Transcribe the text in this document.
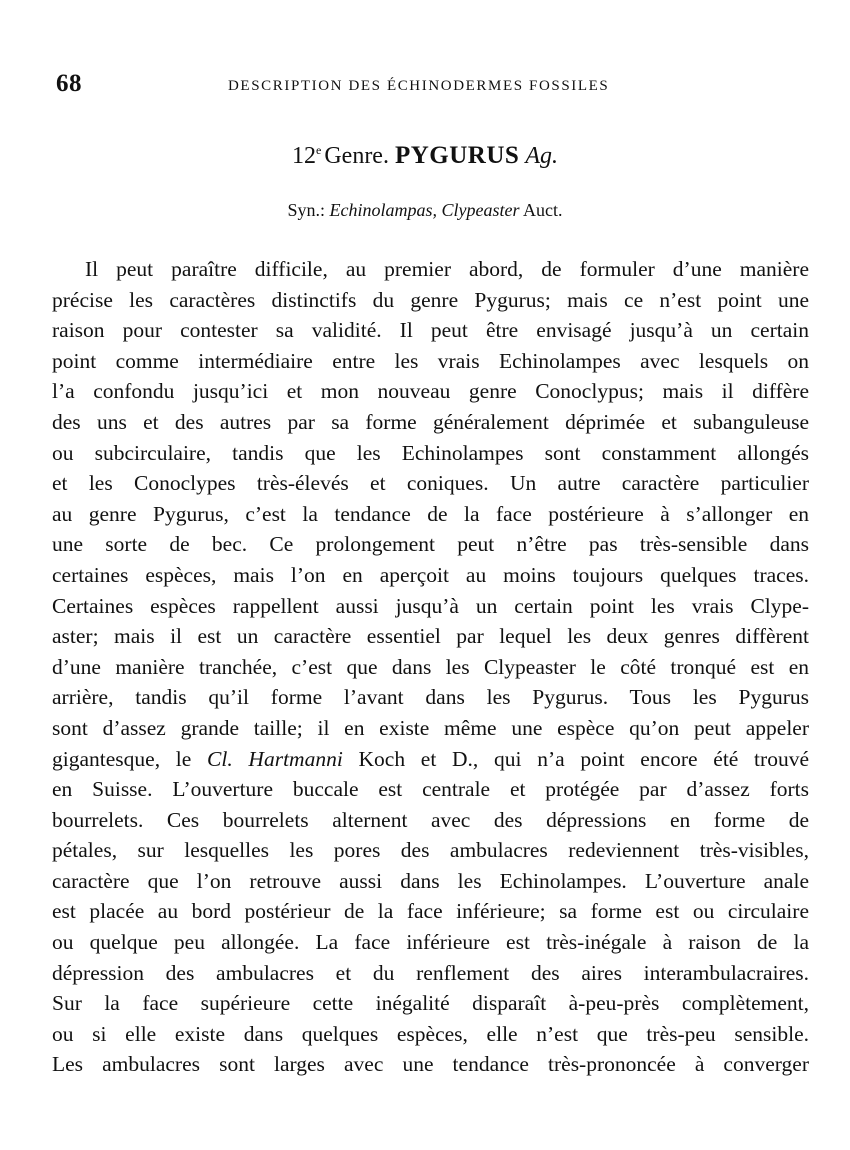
68	DESCRIPTION DES ÉCHINODERMES FOSSILES
12e Genre. PYGURUS Ag.
Syn.: Echinolampas, Clypeaster Auct.
Il peut paraître difficile, au premier abord, de formuler d’une manière
précise les caractères distinctifs du genre Pygurus; mais ce n’est point une
raison pour contester sa validité. Il peut être envisagé jusqu’à un certain
point comme intermédiaire entre les vrais Echinolampes avec lesquels on
l’a confondu jusqu’ici et mon nouveau genre Conoclypus; mais il diffère
des uns et des autres par sa forme généralement déprimée et subanguleuse
ou subcirculaire, tandis que les Echinolampes sont constamment allongés
et les Conoclypes très-élevés et coniques. Un autre caractère particulier
au genre Pygurus, c’est la tendance de la face postérieure à s’allonger en
une sorte de bec. Ce prolongement peut n’être pas très-sensible dans
certaines espèces, mais l’on en aperçoit au moins toujours quelques traces.
Certaines espèces rappellent aussi jusqu’à un certain point les vrais Clype-
aster; mais il est un caractère essentiel par lequel les deux genres diffèrent
d’une manière tranchée, c’est que dans les Clypeaster le côté tronqué est en
arrière, tandis qu’il forme l’avant dans les Pygurus. Tous les Pygurus
sont d’assez grande taille; il en existe même une espèce qu’on peut appeler
gigantesque, le Cl. Hartmanni Koch et D., qui n’a point encore été trouvé
en Suisse. L’ouverture buccale est centrale et protégée par d’assez forts
bourrelets. Ces bourrelets alternent avec des dépressions en forme de
pétales, sur lesquelles les pores des ambulacres redeviennent très-visibles,
caractère que l’on retrouve aussi dans les Echinolampes. L’ouverture anale
est placée au bord postérieur de la face inférieure; sa forme est ou circulaire
ou quelque peu allongée. La face inférieure est très-inégale à raison de la
dépression des ambulacres et du renflement des aires interambulacraires.
Sur la face supérieure cette inégalité disparaît à-peu-près complètement,
ou si elle existe dans quelques espèces, elle n’est que très-peu sensible.
Les ambulacres sont larges avec une tendance très-prononcée à converger
